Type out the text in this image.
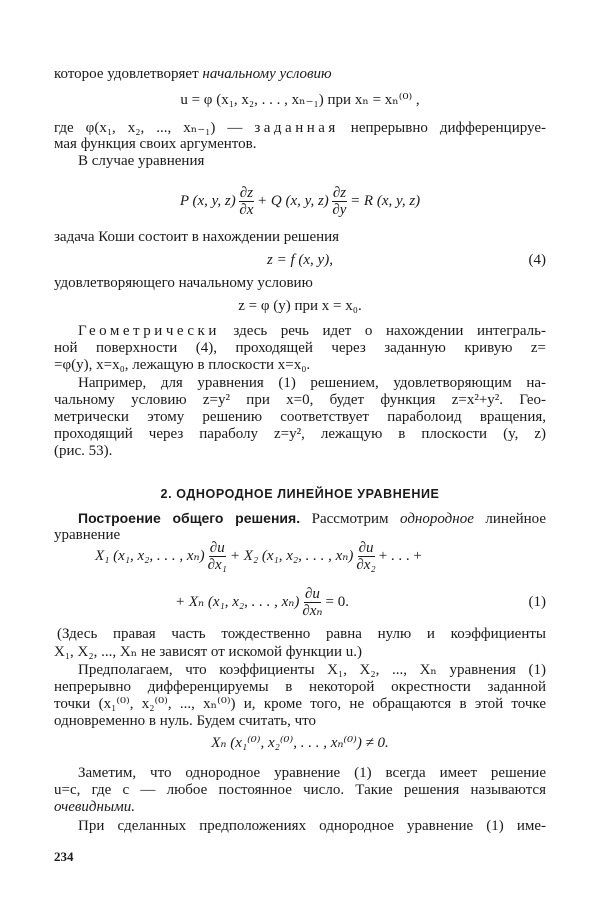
которое удовлетворяет начальному условию
u = φ (x₁, x₂, . . . , xₙ₋₁) при xₙ = xₙ⁽⁰⁾ ,
где φ(x₁, x₂, ..., xₙ₋₁) — заданная непрерывно дифференцируе-
мая функция своих аргументов.
В случае уравнения
P (x, y, $z) \frac{\partial z}{\partial x} + Q$ (x, y, $z) \frac{\partial z}{\partial y} = R$ (x, y, z)
задача Коши состоит в нахождении решения
z = f (x, y),	(4)
удовлетворяющего начальному условию
z = φ (y) при x = x₀.
Геометрически здесь речь идет о нахождении интеграль-
ной поверхности (4), проходящей через заданную кривую z=
=φ(y), x=x₀, лежащую в плоскости x=x₀.
Например, для уравнения (1) решением, удовлетворяющим на-
чальному условию z=y² при x=0, будет функция z=x²+y². Гео-
метрически этому решению соответствует параболоид вращения,
проходящий через параболу z=y², лежащую в плоскости (y, z)
(рис. 53).
2. ОДНОРОДНОЕ ЛИНЕЙНОЕ УРАВНЕНИЕ
Построение общего решения. Рассмотрим однородное линейное
уравнение
X₁ (x₁, x₂, . . . , $x_n) \frac{\partial u}{\text{∂x₁}} + X_2$ (x₁, x₂, . . . , $x_n) \frac{\partial u}{\text{∂x₂}}$ + . . . +
+ Xₙ (x₁, x₂, . . . , $x_n) \frac{\partial u}{\text{∂xₙ}} = 0$.	(1)
(Здесь правая часть тождественно равна нулю и коэффициенты
X₁, X₂, ..., Xₙ не зависят от искомой функции u.)
Предполагаем, что коэффициенты X₁, X₂, ..., Xₙ уравнения (1)
непрерывно дифференцируемы в некоторой окрестности заданной
точки (x₁⁽⁰⁾, x₂⁽⁰⁾, ..., xₙ⁽⁰⁾) и, кроме того, не обращаются в этой точке
одновременно в нуль. Будем считать, что
Xₙ (x₁⁽⁰⁾, x₂⁽⁰⁾, . . . , xₙ⁽⁰⁾) ≠ 0.
Заметим, что однородное уравнение (1) всегда имеет решение
u=c, где c — любое постоянное число. Такие решения называются
очевидными.
При сделанных предположениях однородное уравнение (1) име-
234
